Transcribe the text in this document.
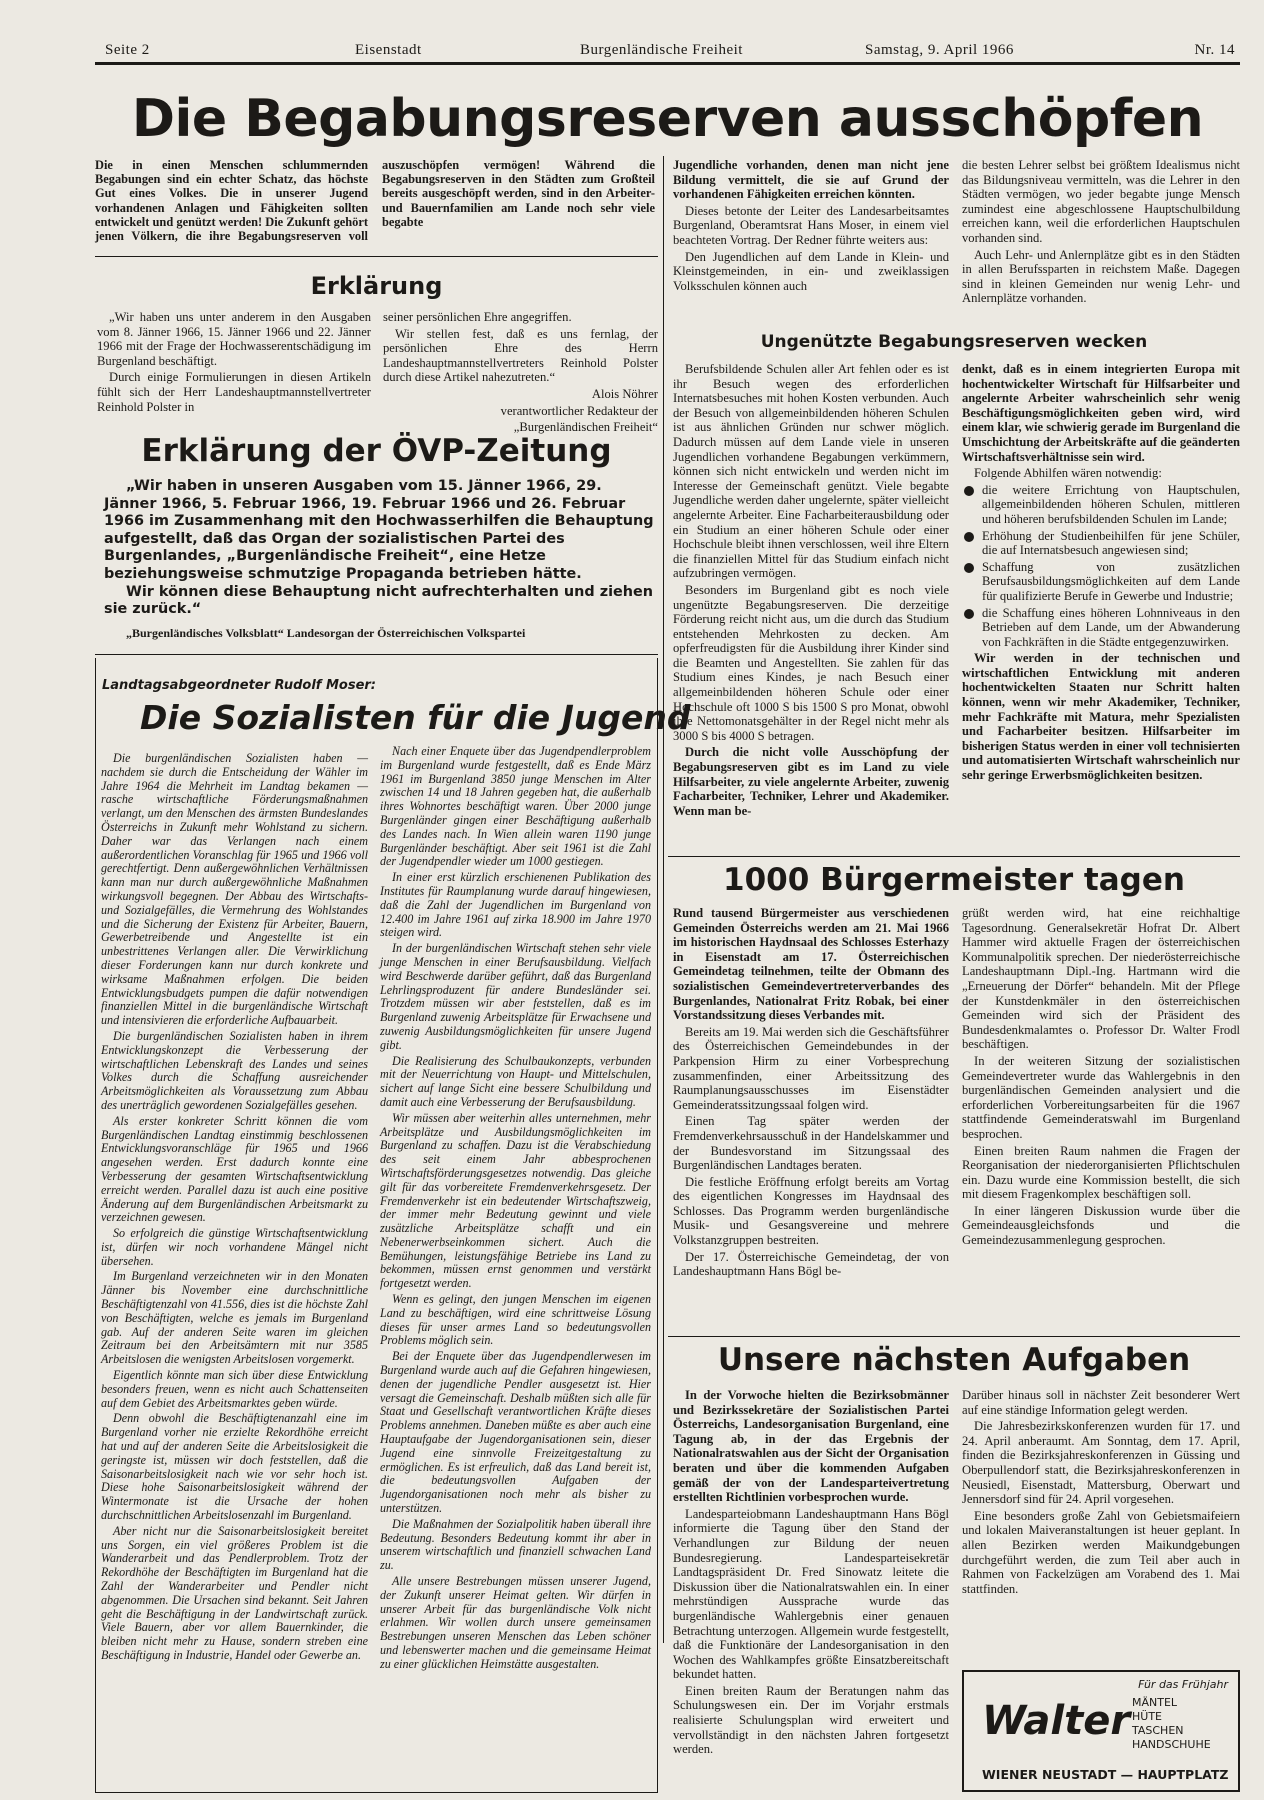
Seite 2	Eisenstadt	Burgenländische Freiheit	Samstag, 9. April 1966	Nr. 14
Die Begabungsreserven ausschöpfen
Die in einen Menschen schlummernden Begabungen sind ein echter Schatz, das höchste Gut eines Volkes. Die in unserer Jugend vorhandenen Anlagen und Fähigkeiten sollten entwickelt und genützt werden! Die Zukunft gehört jenen Völkern, die ihre Begabungsreserven voll auszuschöpfen vermögen! Während die Begabungsreserven in den Städten zum Großteil bereits ausgeschöpft werden, sind in den Arbeiter- und Bauernfamilien am Lande noch sehr viele begabte
Erklärung

„Wir haben uns unter anderem in den Ausgaben vom 8. Jänner 1966, 15. Jänner 1966 und 22. Jänner 1966 mit der Frage der Hochwasserentschädigung im Burgenland beschäftigt.

Durch einige Formulierungen in diesen Artikeln fühlt sich der Herr Landeshauptmannstellvertreter Reinhold Polster in

seiner persönlichen Ehre angegriffen.

Wir stellen fest, daß es uns fernlag, der persönlichen Ehre des Herrn Landeshauptmannstellvertreters Reinhold Polster durch diese Artikel nahezutreten.“

Alois Nöhrer

verantwortlicher Redakteur der

„Burgenländischen Freiheit“

Erklärung der ÖVP-Zeitung
„Wir haben in unseren Ausgaben vom 15. Jänner 1966, 29. Jänner 1966, 5. Februar 1966, 19. Februar 1966 und 26. Februar 1966 im Zusammenhang mit den Hochwasserhilfen die Behauptung aufgestellt, daß das Organ der sozialistischen Partei des Burgenlandes, „Burgenländische Freiheit“, eine Hetze beziehungsweise schmutzige Propaganda betrieben hätte.
Wir können diese Behauptung nicht aufrechterhalten und ziehen sie zurück.“
„Burgenländisches Volksblatt“ Landesorgan der Österreichischen Volkspartei
Landtagsabgeordneter Rudolf Moser:
Die Sozialisten für die Jugend

Die burgenländischen Sozialisten haben — nachdem sie durch die Entscheidung der Wähler im Jahre 1964 die Mehrheit im Landtag bekamen — rasche wirtschaftliche Förderungsmaßnahmen verlangt, um den Menschen des ärmsten Bundeslandes Österreichs in Zukunft mehr Wohlstand zu sichern. Daher war das Verlangen nach einem außerordentlichen Voranschlag für 1965 und 1966 voll gerechtfertigt. Denn außergewöhnlichen Verhältnissen kann man nur durch außergewöhnliche Maßnahmen wirkungsvoll begegnen. Der Abbau des Wirtschafts- und Sozialgefälles, die Vermehrung des Wohlstandes und die Sicherung der Existenz für Arbeiter, Bauern, Gewerbetreibende und Angestellte ist ein unbestrittenes Verlangen aller. Die Verwirklichung dieser Forderungen kann nur durch konkrete und wirksame Maßnahmen erfolgen. Die beiden Entwicklungsbudgets pumpen die dafür notwendigen finanziellen Mittel in die burgenländische Wirtschaft und intensivieren die erforderliche Aufbauarbeit.

Die burgenländischen Sozialisten haben in ihrem Entwicklungskonzept die Verbesserung der wirtschaftlichen Lebenskraft des Landes und seines Volkes durch die Schaffung ausreichender Arbeitsmöglichkeiten als Voraussetzung zum Abbau des unerträglich gewordenen Sozialgefälles gesehen.

Als erster konkreter Schritt können die vom Burgenländischen Landtag einstimmig beschlossenen Entwicklungsvoranschläge für 1965 und 1966 angesehen werden. Erst dadurch konnte eine Verbesserung der gesamten Wirtschaftsentwicklung erreicht werden. Parallel dazu ist auch eine positive Änderung auf dem Burgenländischen Arbeitsmarkt zu verzeichnen gewesen.

So erfolgreich die günstige Wirtschaftsentwicklung ist, dürfen wir noch vorhandene Mängel nicht übersehen.

Im Burgenland verzeichneten wir in den Monaten Jänner bis November eine durchschnittliche Beschäftigtenzahl von 41.556, dies ist die höchste Zahl von Beschäftigten, welche es jemals im Burgenland gab. Auf der anderen Seite waren im gleichen Zeitraum bei den Arbeitsämtern mit nur 3585 Arbeitslosen die wenigsten Arbeitslosen vorgemerkt.

Eigentlich könnte man sich über diese Entwicklung besonders freuen, wenn es nicht auch Schattenseiten auf dem Gebiet des Arbeitsmarktes geben würde.

Denn obwohl die Beschäftigtenanzahl eine im Burgenland vorher nie erzielte Rekordhöhe erreicht hat und auf der anderen Seite die Arbeitslosigkeit die geringste ist, müssen wir doch feststellen, daß die Saisonarbeitslosigkeit nach wie vor sehr hoch ist. Diese hohe Saisonarbeitslosigkeit während der Wintermonate ist die Ursache der hohen durchschnittlichen Arbeitslosenzahl im Burgenland.

Aber nicht nur die Saisonarbeitslosigkeit bereitet uns Sorgen, ein viel größeres Problem ist die Wanderarbeit und das Pendlerproblem. Trotz der Rekordhöhe der Beschäftigten im Burgenland hat die Zahl der Wanderarbeiter und Pendler nicht abgenommen. Die Ursachen sind bekannt. Seit Jahren geht die Beschäftigung in der Landwirtschaft zurück. Viele Bauern, aber vor allem Bauernkinder, die bleiben nicht mehr zu Hause, sondern streben eine Beschäftigung in Industrie, Handel oder Gewerbe an.

Nach einer Enquete über das Jugendpendlerproblem im Burgenland wurde festgestellt, daß es Ende März 1961 im Burgenland 3850 junge Menschen im Alter zwischen 14 und 18 Jahren gegeben hat, die außerhalb ihres Wohnortes beschäftigt waren. Über 2000 junge Burgenländer gingen einer Beschäftigung außerhalb des Landes nach. In Wien allein waren 1190 junge Burgenländer beschäftigt. Aber seit 1961 ist die Zahl der Jugendpendler wieder um 1000 gestiegen.

In einer erst kürzlich erschienenen Publikation des Institutes für Raumplanung wurde darauf hingewiesen, daß die Zahl der Jugendlichen im Burgenland von 12.400 im Jahre 1961 auf zirka 18.900 im Jahre 1970 steigen wird.

In der burgenländischen Wirtschaft stehen sehr viele junge Menschen in einer Berufsausbildung. Vielfach wird Beschwerde darüber geführt, daß das Burgenland Lehrlingsproduzent für andere Bundesländer sei. Trotzdem müssen wir aber feststellen, daß es im Burgenland zuwenig Arbeitsplätze für Erwachsene und zuwenig Ausbildungsmöglichkeiten für unsere Jugend gibt.

Die Realisierung des Schulbaukonzepts, verbunden mit der Neuerrichtung von Haupt- und Mittelschulen, sichert auf lange Sicht eine bessere Schulbildung und damit auch eine Verbesserung der Berufsausbildung.

Wir müssen aber weiterhin alles unternehmen, mehr Arbeitsplätze und Ausbildungsmöglichkeiten im Burgenland zu schaffen. Dazu ist die Verabschiedung des seit einem Jahr abbesprochenen Wirtschaftsförderungsgesetzes notwendig. Das gleiche gilt für das vorbereitete Fremdenverkehrsgesetz. Der Fremdenverkehr ist ein bedeutender Wirtschaftszweig, der immer mehr Bedeutung gewinnt und viele zusätzliche Arbeitsplätze schafft und ein Nebenerwerbseinkommen sichert. Auch die Bemühungen, leistungsfähige Betriebe ins Land zu bekommen, müssen ernst genommen und verstärkt fortgesetzt werden.

Wenn es gelingt, den jungen Menschen im eigenen Land zu beschäftigen, wird eine schrittweise Lösung dieses für unser armes Land so bedeutungsvollen Problems möglich sein.

Bei der Enquete über das Jugendpendlerwesen im Burgenland wurde auch auf die Gefahren hingewiesen, denen der jugendliche Pendler ausgesetzt ist. Hier versagt die Gemeinschaft. Deshalb müßten sich alle für Staat und Gesellschaft verantwortlichen Kräfte dieses Problems annehmen. Daneben müßte es aber auch eine Hauptaufgabe der Jugendorganisationen sein, dieser Jugend eine sinnvolle Freizeitgestaltung zu ermöglichen. Es ist erfreulich, daß das Land bereit ist, die bedeutungsvollen Aufgaben der Jugendorganisationen noch mehr als bisher zu unterstützen.

Die Maßnahmen der Sozialpolitik haben überall ihre Bedeutung. Besonders Bedeutung kommt ihr aber in unserem wirtschaftlich und finanziell schwachen Land zu.

Alle unsere Bestrebungen müssen unserer Jugend, der Zukunft unserer Heimat gelten. Wir dürfen in unserer Arbeit für das burgenländische Volk nicht erlahmen. Wir wollen durch unsere gemeinsamen Bestrebungen unseren Menschen das Leben schöner und lebenswerter machen und die gemeinsame Heimat zu einer glücklichen Heimstätte ausgestalten.

Jugendliche vorhanden, denen man nicht jene Bildung vermittelt, die sie auf Grund der vorhandenen Fähigkeiten erreichen könnten.

Dieses betonte der Leiter des Landesarbeitsamtes Burgenland, Oberamtsrat Hans Moser, in einem viel beachteten Vortrag. Der Redner führte weiters aus:

Den Jugendlichen auf dem Lande in Klein- und Kleinstgemeinden, in ein- und zweiklassigen Volksschulen können auch

die besten Lehrer selbst bei größtem Idealismus nicht das Bildungsniveau vermitteln, was die Lehrer in den Städten vermögen, wo jeder begabte junge Mensch zumindest eine abgeschlossene Hauptschulbildung erreichen kann, weil die erforderlichen Hauptschulen vorhanden sind.

Auch Lehr- und Anlernplätze gibt es in den Städten in allen Berufssparten in reichstem Maße. Dagegen sind in kleinen Gemeinden nur wenig Lehr- und Anlernplätze vorhanden.

Ungenützte Begabungsreserven wecken

Berufsbildende Schulen aller Art fehlen oder es ist ihr Besuch wegen des erforderlichen Internatsbesuches mit hohen Kosten verbunden. Auch der Besuch von allgemeinbildenden höheren Schulen ist aus ähnlichen Gründen nur schwer möglich. Dadurch müssen auf dem Lande viele in unseren Jugendlichen vorhandene Begabungen verkümmern, können sich nicht entwickeln und werden nicht im Interesse der Gemeinschaft genützt. Viele begabte Jugendliche werden daher ungelernte, später vielleicht angelernte Arbeiter. Eine Facharbeiterausbildung oder ein Studium an einer höheren Schule oder einer Hochschule bleibt ihnen verschlossen, weil ihre Eltern die finanziellen Mittel für das Studium einfach nicht aufzubringen vermögen.

Besonders im Burgenland gibt es noch viele ungenützte Begabungsreserven. Die derzeitige Förderung reicht nicht aus, um die durch das Studium entstehenden Mehrkosten zu decken. Am opferfreudigsten für die Ausbildung ihrer Kinder sind die Beamten und Angestellten. Sie zahlen für das Studium eines Kindes, je nach Besuch einer allgemeinbildenden höheren Schule oder einer Hochschule oft 1000 S bis 1500 S pro Monat, obwohl ihre Nettomonatsgehälter in der Regel nicht mehr als 3000 S bis 4000 S betragen.

Durch die nicht volle Ausschöpfung der Begabungsreserven gibt es im Land zu viele Hilfsarbeiter, zu viele angelernte Arbeiter, zuwenig Facharbeiter, Techniker, Lehrer und Akademiker. Wenn man be-

denkt, daß es in einem integrierten Europa mit hochentwickelter Wirtschaft für Hilfsarbeiter und angelernte Arbeiter wahrscheinlich sehr wenig Beschäftigungsmöglichkeiten geben wird, wird einem klar, wie schwierig gerade im Burgenland die Umschichtung der Arbeitskräfte auf die geänderten Wirtschaftsverhältnisse sein wird.

Folgende Abhilfen wären notwendig:

die weitere Errichtung von Hauptschulen, allgemeinbildenden höheren Schulen, mittleren und höheren berufsbildenden Schulen im Lande;
Erhöhung der Studienbeihilfen für jene Schüler, die auf Internatsbesuch angewiesen sind;
Schaffung von zusätzlichen Berufsausbildungsmöglichkeiten auf dem Lande für qualifizierte Berufe in Gewerbe und Industrie;
die Schaffung eines höheren Lohnniveaus in den Betrieben auf dem Lande, um der Abwanderung von Fachkräften in die Städte entgegenzuwirken.

Wir werden in der technischen und wirtschaftlichen Entwicklung mit anderen hochentwickelten Staaten nur Schritt halten können, wenn wir mehr Akademiker, Techniker, mehr Fachkräfte mit Matura, mehr Spezialisten und Facharbeiter besitzen. Hilfsarbeiter im bisherigen Status werden in einer voll technisierten und automatisierten Wirtschaft wahrscheinlich nur sehr geringe Erwerbsmöglichkeiten besitzen.

1000 Bürgermeister tagen

Rund tausend Bürgermeister aus verschiedenen Gemeinden Österreichs werden am 21. Mai 1966 im historischen Haydnsaal des Schlosses Esterhazy in Eisenstadt am 17. Österreichischen Gemeindetag teilnehmen, teilte der Obmann des sozialistischen Gemeindevertreterverbandes des Burgenlandes, Nationalrat Fritz Robak, bei einer Vorstandssitzung dieses Verbandes mit.

Bereits am 19. Mai werden sich die Geschäftsführer des Österreichischen Gemeindebundes in der Parkpension Hirm zu einer Vorbesprechung zusammenfinden, einer Arbeitssitzung des Raumplanungsausschusses im Eisenstädter Gemeinderatssitzungssaal folgen wird.

Einen Tag später werden der Fremdenverkehrsausschuß in der Handelskammer und der Bundesvorstand im Sitzungssaal des Burgenländischen Landtages beraten.

Die festliche Eröffnung erfolgt bereits am Vortag des eigentlichen Kongresses im Haydnsaal des Schlosses. Das Programm werden burgenländische Musik- und Gesangsvereine und mehrere Volkstanzgruppen bestreiten.

Der 17. Österreichische Gemeindetag, der von Landeshauptmann Hans Bögl be-

grüßt werden wird, hat eine reichhaltige Tagesordnung. Generalsekretär Hofrat Dr. Albert Hammer wird aktuelle Fragen der österreichischen Kommunalpolitik sprechen. Der niederösterreichische Landeshauptmann Dipl.-Ing. Hartmann wird die „Erneuerung der Dörfer“ behandeln. Mit der Pflege der Kunstdenkmäler in den österreichischen Gemeinden wird sich der Präsident des Bundesdenkmalamtes o. Professor Dr. Walter Frodl beschäftigen.

In der weiteren Sitzung der sozialistischen Gemeindevertreter wurde das Wahlergebnis in den burgenländischen Gemeinden analysiert und die erforderlichen Vorbereitungsarbeiten für die 1967 stattfindende Gemeinderatswahl im Burgenland besprochen.

Einen breiten Raum nahmen die Fragen der Reorganisation der niederorganisierten Pflichtschulen ein. Dazu wurde eine Kommission bestellt, die sich mit diesem Fragenkomplex beschäftigen soll.

In einer längeren Diskussion wurde über die Gemeindeausgleichsfonds und die Gemeindezusammenlegung gesprochen.

Unsere nächsten Aufgaben

In der Vorwoche hielten die Bezirksobmänner und Bezirkssekretäre der Sozialistischen Partei Österreichs, Landesorganisation Burgenland, eine Tagung ab, in der das Ergebnis der Nationalratswahlen aus der Sicht der Organisation beraten und über die kommenden Aufgaben gemäß der von der Landesparteivertretung erstellten Richtlinien vorbesprochen wurde.

Landesparteiobmann Landeshauptmann Hans Bögl informierte die Tagung über den Stand der Verhandlungen zur Bildung der neuen Bundesregierung. Landesparteisekretär Landtagspräsident Dr. Fred Sinowatz leitete die Diskussion über die Nationalratswahlen ein. In einer mehrstündigen Aussprache wurde das burgenländische Wahlergebnis einer genauen Betrachtung unterzogen. Allgemein wurde festgestellt, daß die Funktionäre der Landesorganisation in den Wochen des Wahlkampfes größte Einsatzbereitschaft bekundet hatten.

Einen breiten Raum der Beratungen nahm das Schulungswesen ein. Der im Vorjahr erstmals realisierte Schulungsplan wird erweitert und vervollständigt in den nächsten Jahren fortgesetzt werden.

Darüber hinaus soll in nächster Zeit besonderer Wert auf eine ständige Information gelegt werden.

Die Jahresbezirkskonferenzen wurden für 17. und 24. April anberaumt. Am Sonntag, dem 17. April, finden die Bezirksjahreskonferenzen in Güssing und Oberpullendorf statt, die Bezirksjahreskonferenzen in Neusiedl, Eisenstadt, Mattersburg, Oberwart und Jennersdorf sind für 24. April vorgesehen.

Eine besonders große Zahl von Gebietsmaifeiern und lokalen Maiveranstaltungen ist heuer geplant. In allen Bezirken werden Maikundgebungen durchgeführt werden, die zum Teil aber auch in Rahmen von Fackelzügen am Vorabend des 1. Mai stattfinden.

Für das Frühjahr
Walter MÄNTEL
HÜTE
TASCHEN
HANDSCHUHE
WIENER NEUSTADT — HAUPTPLATZ
